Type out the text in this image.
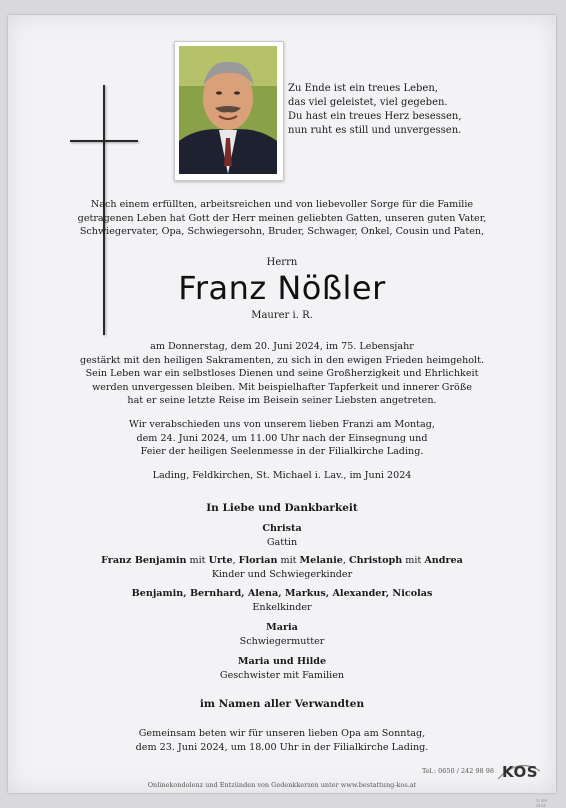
Zu Ende ist ein treues Leben,
das viel geleistet, viel gegeben.
Du hast ein treues Herz besessen,
nun ruht es still und unvergessen.
Nach einem erfüllten, arbeitsreichen und von liebevoller Sorge für die Familie
getragenen Leben hat Gott der Herr meinen geliebten Gatten, unseren guten Vater,
Schwiegervater, Opa, Schwiegersohn, Bruder, Schwager, Onkel, Cousin und Paten,
Herrn
Franz Nößler
Maurer i. R.
am Donnerstag, dem 20. Juni 2024, im 75. Lebensjahr
gestärkt mit den heiligen Sakramenten, zu sich in den ewigen Frieden heimgeholt.
Sein Leben war ein selbstloses Dienen und seine Großherzigkeit und Ehrlichkeit
werden unvergessen bleiben. Mit beispielhafter Tapferkeit und innerer Größe
hat er seine letzte Reise im Beisein seiner Liebsten angetreten.
Wir verabschieden uns von unserem lieben Franzi am Montag,
dem 24. Juni 2024, um 11.00 Uhr nach der Einsegnung und
Feier der heiligen Seelenmesse in der Filialkirche Lading.
Lading, Feldkirchen, St. Michael i. Lav., im Juni 2024
In Liebe und Dankbarkeit
Christa
Gattin
Franz Benjamin mit Urte, Florian mit Melanie, Christoph mit Andrea
Kinder und Schwiegerkinder
Benjamin, Bernhard, Alena, Markus, Alexander, Nicolas
Enkelkinder
Maria
Schwiegermutter
Maria und Hilde
Geschwister mit Familien
im Namen aller Verwandten
Gemeinsam beten wir für unseren lieben Opa am Sonntag,
dem 23. Juni 2024, um 18.00 Uhr in der Filialkirche Lading.
Tel.: 0650 / 242 98 98
Onlinekondolenz und Entzünden von Gedenkkerzen unter www.bestattung-kos.at
KOS
© EP-9181
